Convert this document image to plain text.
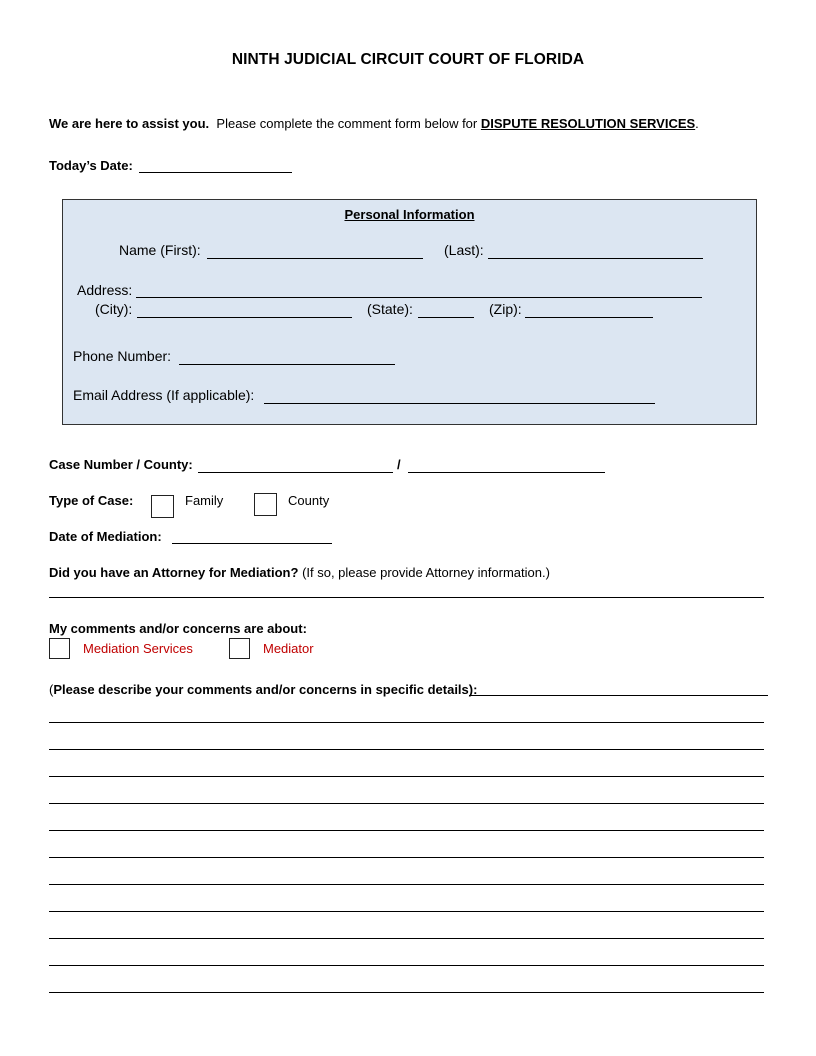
NINTH JUDICIAL CIRCUIT COURT OF FLORIDA
We are here to assist you. Please complete the comment form below for DISPUTE RESOLUTION SERVICES.
Today’s Date:
Personal Information
Name (First):	(Last):
Address:
(City):	(State):	(Zip):
Phone Number:
Email Address (If applicable):
Case Number / County:	/
Type of Case:	Family	County
Date of Mediation:
Did you have an Attorney for Mediation? (If so, please provide Attorney information.)
My comments and/or concerns are about:
Mediation Services	Mediator
(Please describe your comments and/or concerns in specific details):
